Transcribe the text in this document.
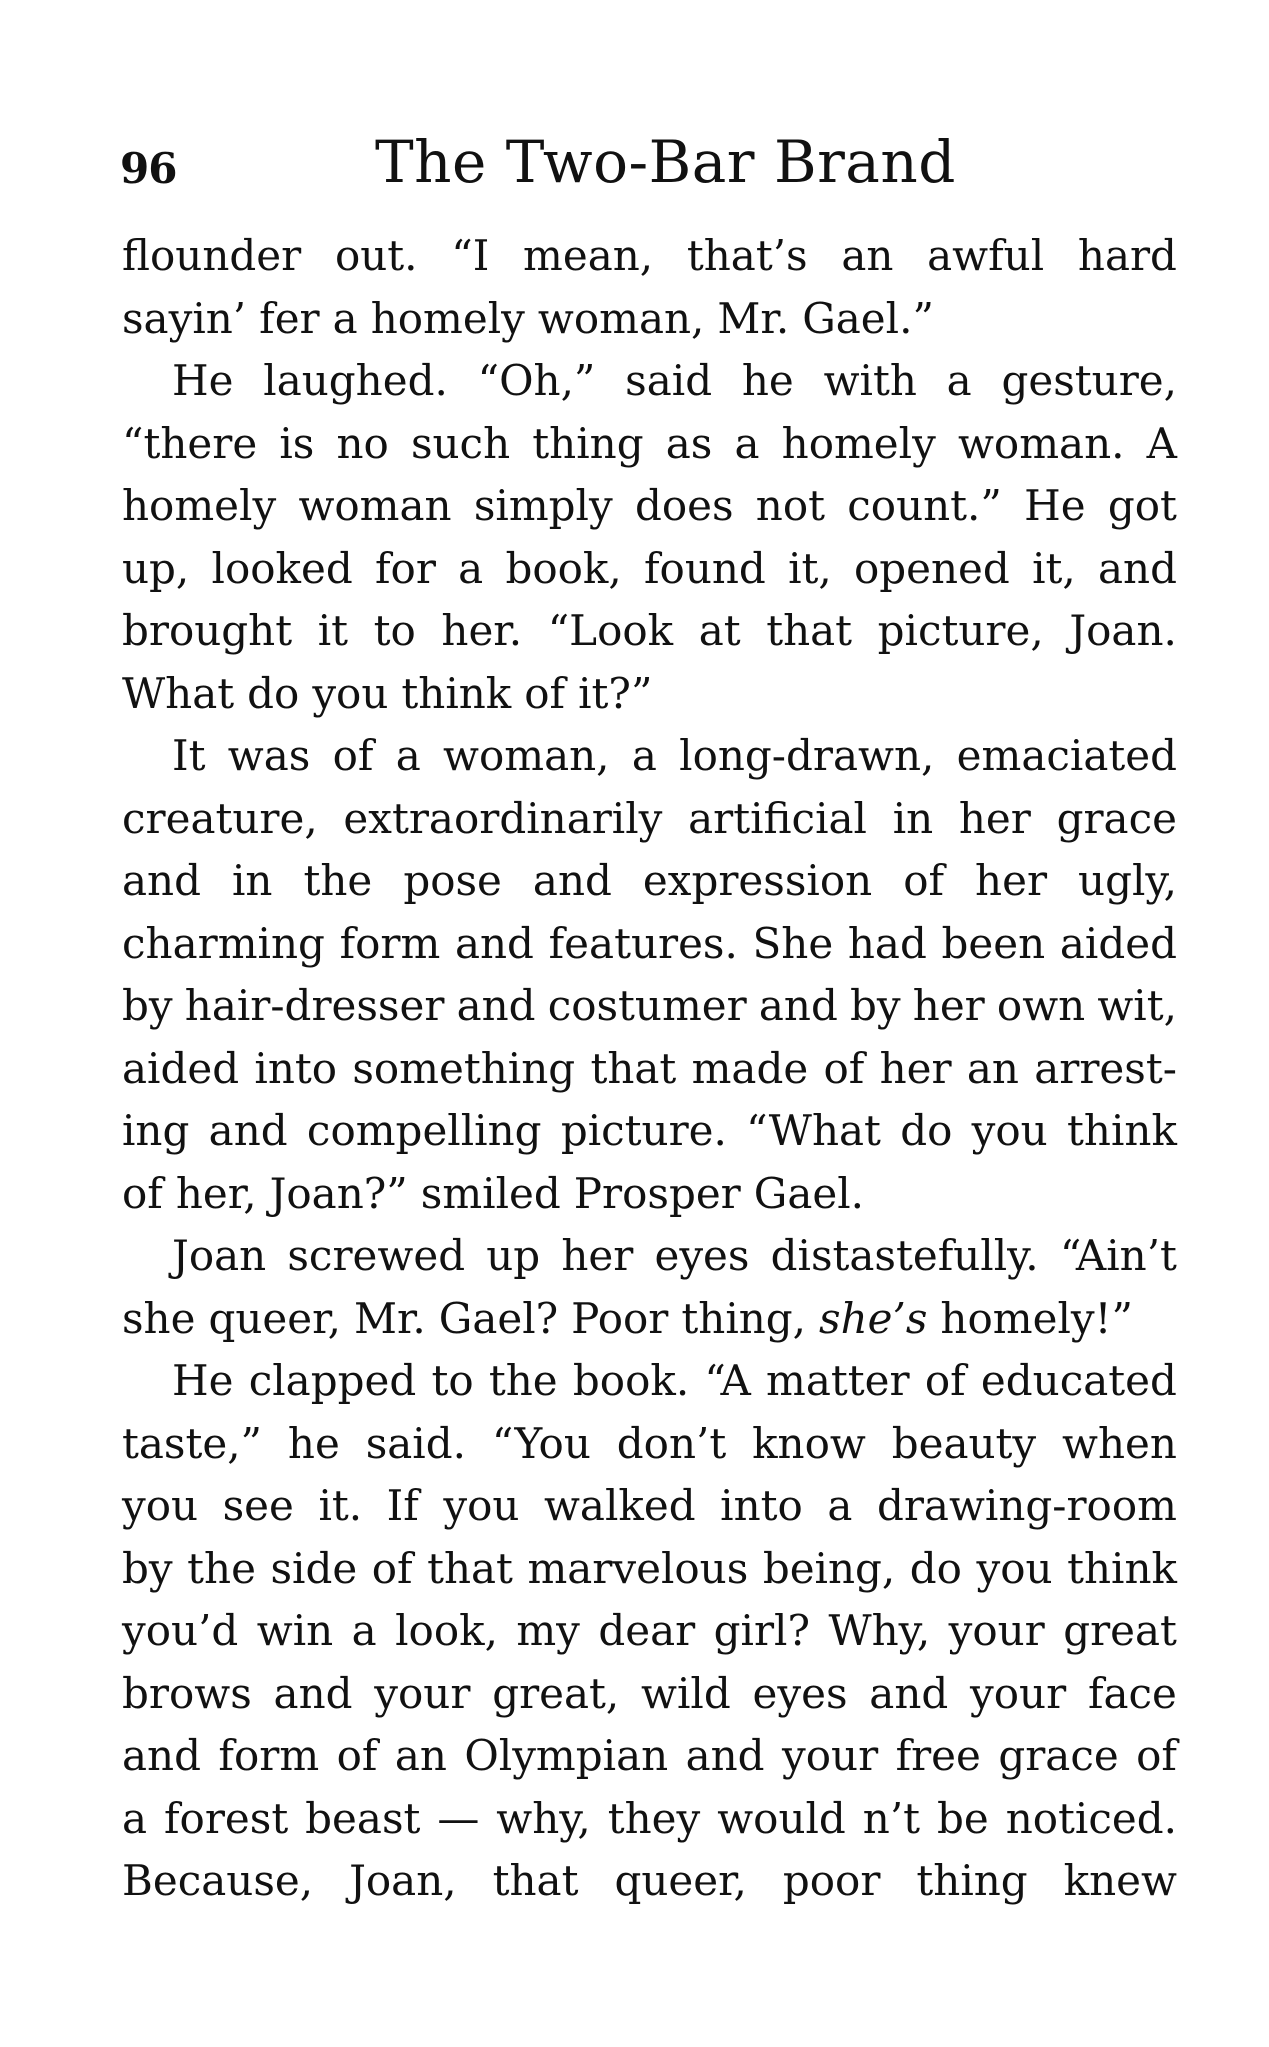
96	The Two-Bar Brand
flounder out. “I mean, that’s an awful hard
sayin’ fer a homely woman, Mr. Gael.”
He laughed. “Oh,” said he with a gesture,
“there is no such thing as a homely woman. A
homely woman simply does not count.” He got
up, looked for a book, found it, opened it, and
brought it to her. “Look at that picture, Joan.
What do you think of it?”
It was of a woman, a long-drawn, emaciated
creature, extraordinarily artificial in her grace
and in the pose and expression of her ugly,
charming form and features. She had been aided
by hair-dresser and costumer and by her own wit,
aided into something that made of her an arrest-
ing and compelling picture. “What do you think
of her, Joan?” smiled Prosper Gael.
Joan screwed up her eyes distastefully. “Ain’t
she queer, Mr. Gael? Poor thing, she’s homely!”
He clapped to the book. “A matter of educated
taste,” he said. “You don’t know beauty when
you see it. If you walked into a drawing-room
by the side of that marvelous being, do you think
you’d win a look, my dear girl? Why, your great
brows and your great, wild eyes and your face
and form of an Olympian and your free grace of
a forest beast — why, they would n’t be noticed.
Because, Joan, that queer, poor thing knew
